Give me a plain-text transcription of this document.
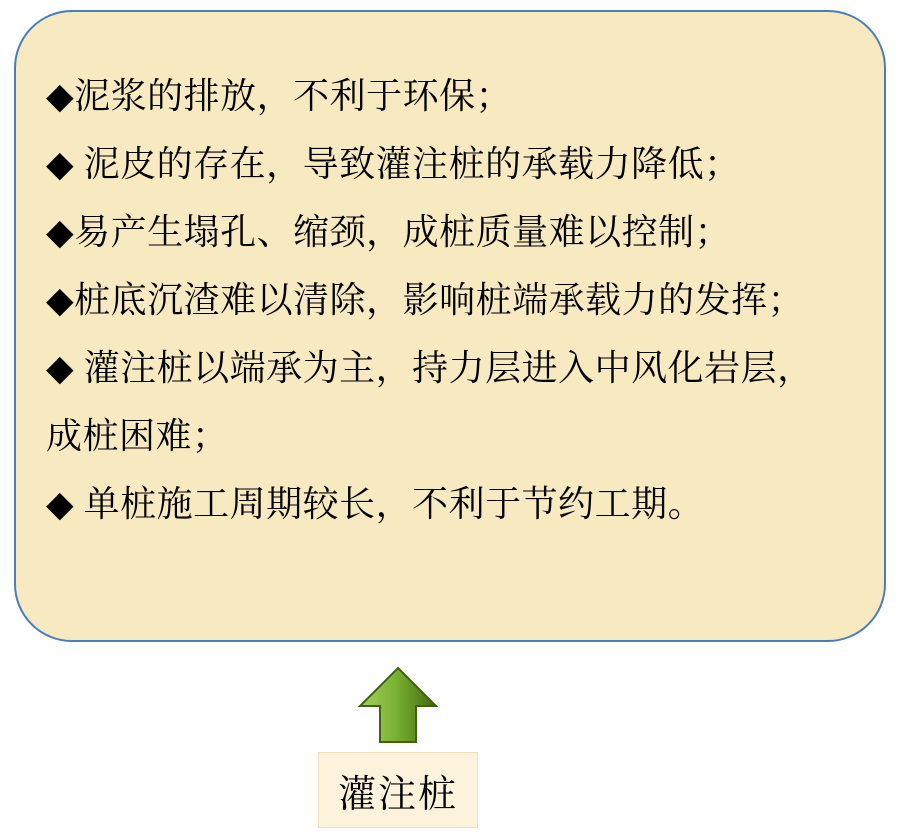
◆泥浆的排放，不利于环保；
◆ 泥皮的存在，导致灌注桩的承载力降低；
◆易产生塌孔、缩颈，成桩质量难以控制；
◆桩底沉渣难以清除，影响桩端承载力的发挥；
◆ 灌注桩以端承为主，持力层进入中风化岩层，
成桩困难；
◆ 单桩施工周期较长，不利于节约工期。
灌注桩
